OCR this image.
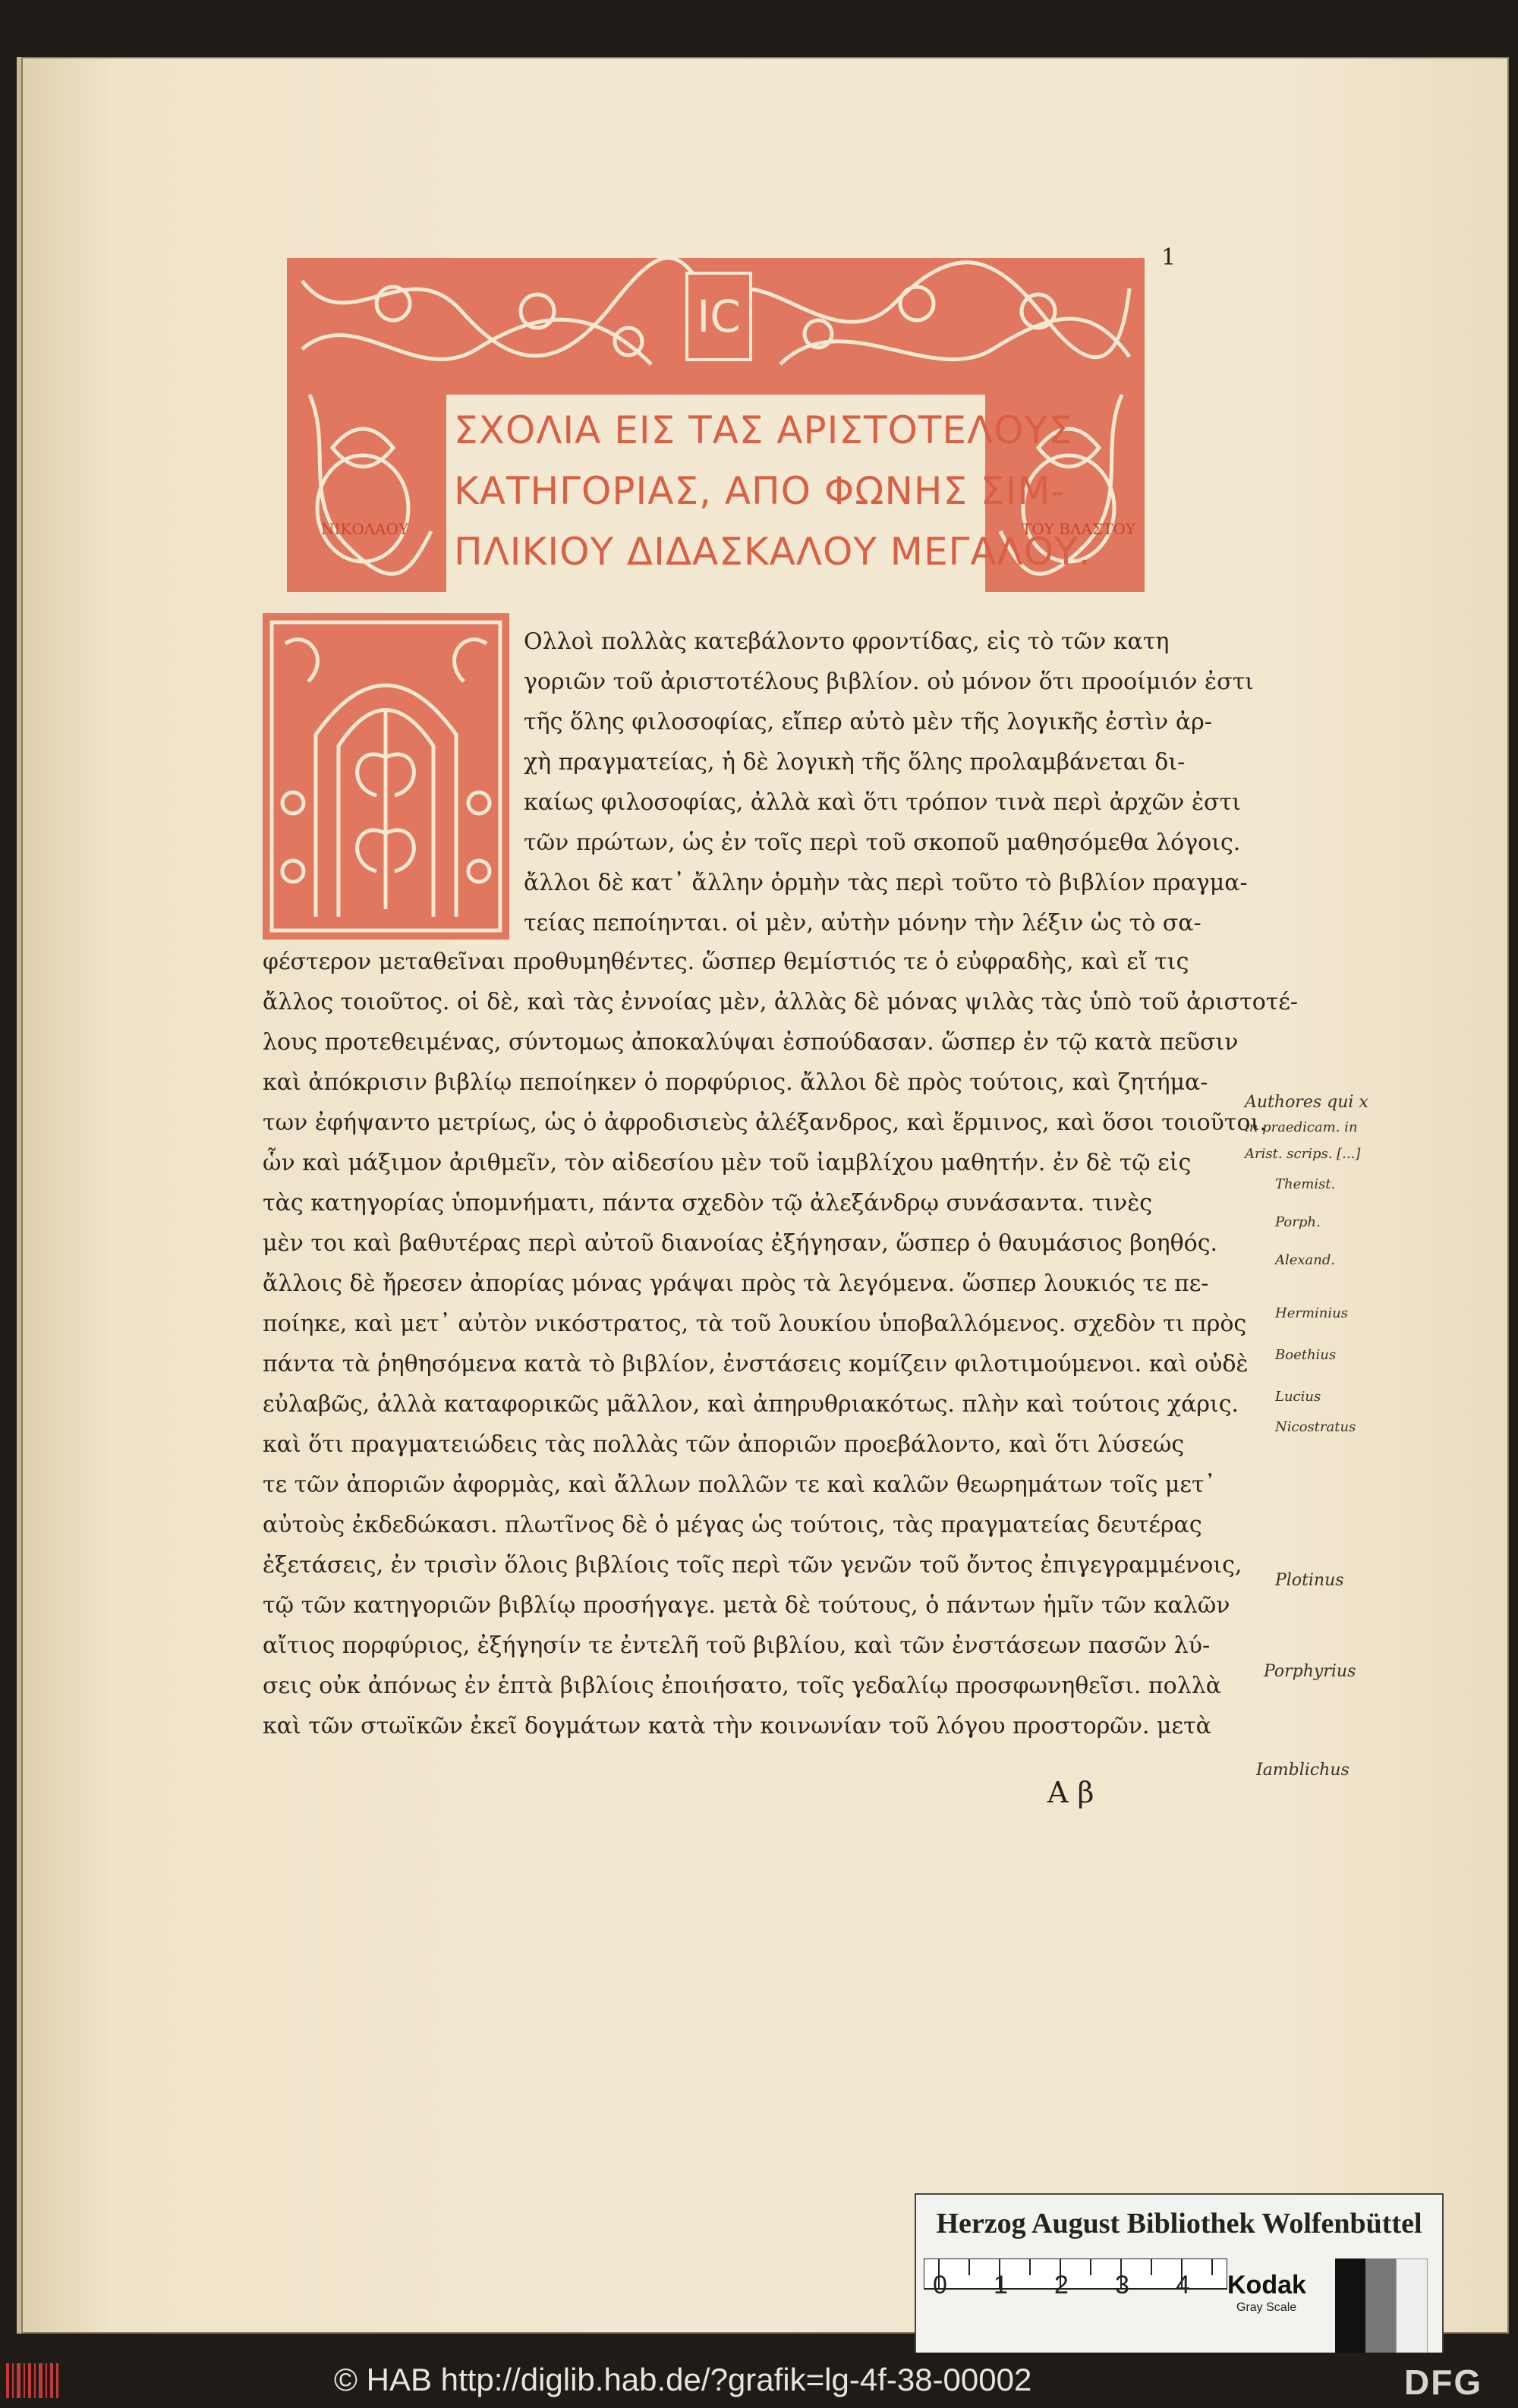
1
IC
ΣΧΟΛΙΑ ΕΙΣ ΤΑΣ ΑΡΙΣΤΟΤΕΛΟΥΣ
ΚΑΤΗΓΟΡΙΑΣ, ΑΠΟ ΦΩΝΗΣ ΣΙΜ-
ΠΛΙΚΙΟΥ ΔΙΔΑΣΚΑΛΟΥ ΜΕΓΑΛΟΥ.
ΝΙΚΟΛΑΟΥ	ΤΟΥ ΒΛΑΣΤΟΥ
Ολλοὶ πολλὰς κατεβάλοντο φροντίδας, εἰς τὸ τῶν κατη
γοριῶν τοῦ ἀριστοτέλους βιβλίον. οὐ μόνον ὅτι προοίμιόν ἐστι
τῆς ὅλης φιλοσοφίας, εἴπερ αὐτὸ μὲν τῆς λογικῆς ἐστὶν ἀρ-
χὴ πραγματείας, ἡ δὲ λογικὴ τῆς ὅλης προλαμβάνεται δι-
καίως φιλοσοφίας, ἀλλὰ καὶ ὅτι τρόπον τινὰ περὶ ἀρχῶν ἐστι
τῶν πρώτων, ὡς ἐν τοῖς περὶ τοῦ σκοποῦ μαθησόμεθα λόγοις.
ἄλλοι δὲ κατ᾽ ἄλλην ὁρμὴν τὰς περὶ τοῦτο τὸ βιβλίον πραγμα-
τείας πεποίηνται. οἱ μὲν, αὐτὴν μόνην τὴν λέξιν ὡς τὸ σα-
φέστερον μεταθεῖναι προθυμηθέντες. ὥσπερ θεμίστιός τε ὁ εὐφραδὴς, καὶ εἴ τις
ἄλλος τοιοῦτος. οἱ δὲ, καὶ τὰς ἐννοίας μὲν, ἀλλὰς δὲ μόνας ψιλὰς τὰς ὑπὸ τοῦ ἀριστοτέ-
λους προτεθειμένας, σύντομως ἀποκαλύψαι ἐσπούδασαν. ὥσπερ ἐν τῷ κατὰ πεῦσιν
καὶ ἀπόκρισιν βιβλίῳ πεποίηκεν ὁ πορφύριος. ἄλλοι δὲ πρὸς τούτοις, καὶ ζητήμα-
των ἐφήψαντο μετρίως, ὡς ὁ ἀφροδισιεὺς ἀλέξανδρος, καὶ ἕρμινος, καὶ ὅσοι τοιοῦτοι.
ὧν καὶ μάξιμον ἀριθμεῖν, τὸν αἰδεσίου μὲν τοῦ ἰαμβλίχου μαθητήν. ἐν δὲ τῷ εἰς
τὰς κατηγορίας ὑπομνήματι, πάντα σχεδὸν τῷ ἀλεξάνδρῳ συνάσαντα. τινὲς
μὲν τοι καὶ βαθυτέρας περὶ αὐτοῦ διανοίας ἐξήγησαν, ὥσπερ ὁ θαυμάσιος βοηθός.
ἄλλοις δὲ ἤρεσεν ἀπορίας μόνας γράψαι πρὸς τὰ λεγόμενα. ὥσπερ λουκιός τε πε-
ποίηκε, καὶ μετ᾽ αὐτὸν νικόστρατος, τὰ τοῦ λουκίου ὑποβαλλόμενος. σχεδὸν τι πρὸς
πάντα τὰ ῥηθησόμενα κατὰ τὸ βιβλίον, ἐνστάσεις κομίζειν φιλοτιμούμενοι. καὶ οὐδὲ
εὐλαβῶς, ἀλλὰ καταφορικῶς μᾶλλον, καὶ ἀπηρυθριακότως. πλὴν καὶ τούτοις χάρις.
καὶ ὅτι πραγματειώδεις τὰς πολλὰς τῶν ἀποριῶν προεβάλοντο, καὶ ὅτι λύσεώς
τε τῶν ἀποριῶν ἀφορμὰς, καὶ ἄλλων πολλῶν τε καὶ καλῶν θεωρημάτων τοῖς μετ᾽
αὐτοὺς ἐκδεδώκασι. πλωτῖνος δὲ ὁ μέγας ὡς τούτοις, τὰς πραγματείας δευτέρας
ἐξετάσεις, ἐν τρισὶν ὅλοις βιβλίοις τοῖς περὶ τῶν γενῶν τοῦ ὄντος ἐπιγεγραμμένοις,
τῷ τῶν κατηγοριῶν βιβλίῳ προσήγαγε. μετὰ δὲ τούτους, ὁ πάντων ἡμῖν τῶν καλῶν
αἴτιος πορφύριος, ἐξήγησίν τε ἐντελῆ τοῦ βιβλίου, καὶ τῶν ἐνστάσεων πασῶν λύ-
σεις οὐκ ἀπόνως ἐν ἑπτὰ βιβλίοις ἐποιήσατο, τοῖς γεδαλίῳ προσφωνηθεῖσι. πολλὰ
καὶ τῶν στωϊκῶν ἐκεῖ δογμάτων κατὰ τὴν κοινωνίαν τοῦ λόγου προστορῶν. μετὰ
A β
Authores qui x
in praedicam. in
Arist. scrips. [...]
Themist.
Porph.
Alexand.
Herminius
Boethius
Lucius
Nicostratus
Plotinus
Porphyrius
Iamblichus
Herzog August Bibliothek Wolfenbüttel
0 1 2 3 4 Kodak
Gray Scale
© HAB http://diglib.hab.de/?grafik=lg-4f-38-00002	DFG
